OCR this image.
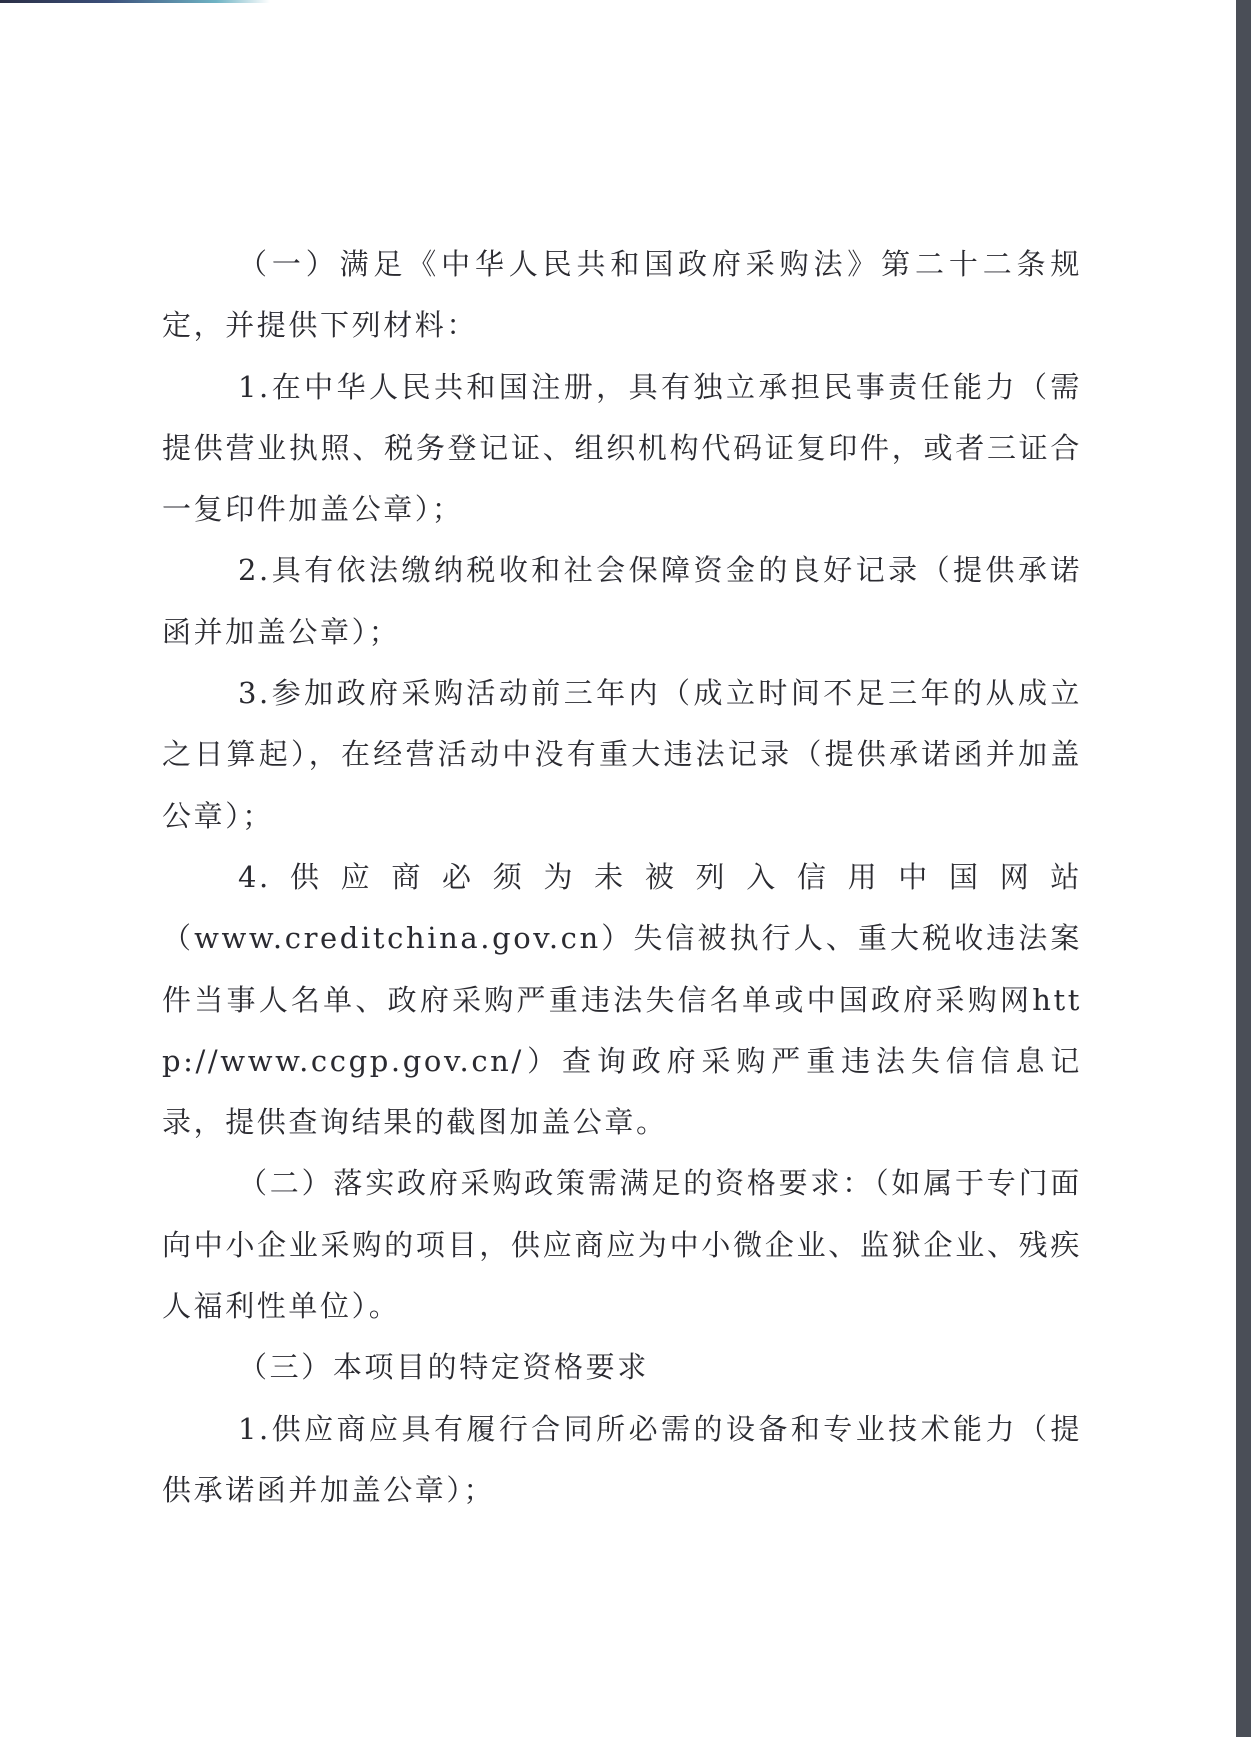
（一）满足《中华人民共和国政府采购法》第二十二条规定，并提供下列材料：

1.在中华人民共和国注册，具有独立承担民事责任能力（需提供营业执照、税务登记证、组织机构代码证复印件，或者三证合一复印件加盖公章）；

2.具有依法缴纳税收和社会保障资金的良好记录（提供承诺函并加盖公章）；

3.参加政府采购活动前三年内（成立时间不足三年的从成立之日算起），在经营活动中没有重大违法记录（提供承诺函并加盖公章）；

4.供应商必须为未被列入信用中国网站
（www.creditchina.gov.cn）失信被执行人、重大税收违法案件当事人名单、政府采购严重违法失信名单或中国政府采购网http://www.ccgp.gov.cn/）查询政府采购严重违法失信信息记录，提供查询结果的截图加盖公章。

（二）落实政府采购政策需满足的资格要求：（如属于专门面向中小企业采购的项目，供应商应为中小微企业、监狱企业、残疾人福利性单位）。

（三）本项目的特定资格要求

1.供应商应具有履行合同所必需的设备和专业技术能力（提供承诺函并加盖公章）；
